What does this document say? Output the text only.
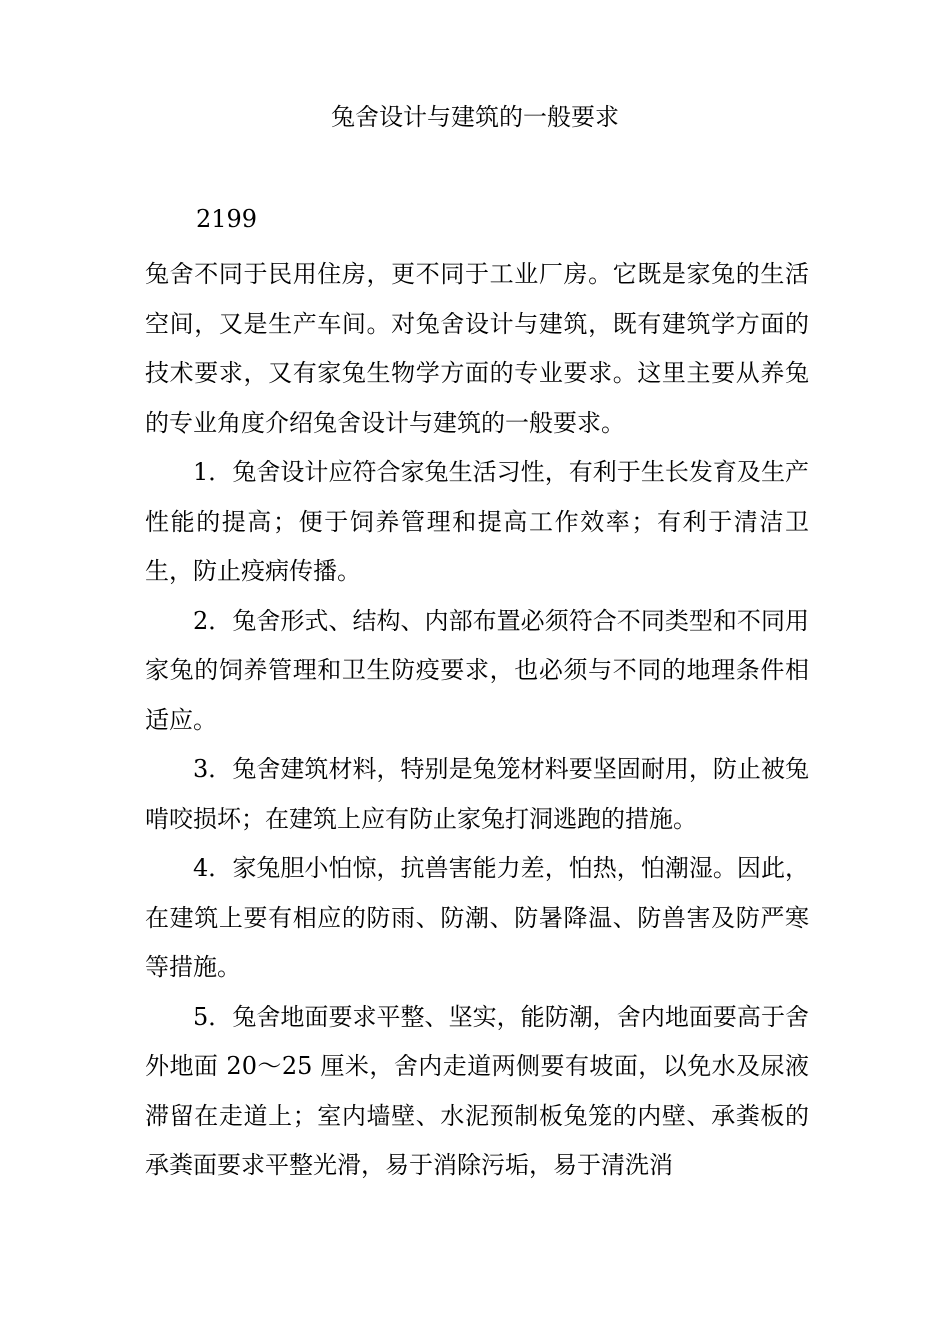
兔舍设计与建筑的一般要求

2199

兔舍不同于民用住房，更不同于工业厂房。它既是家兔的生活空间，又是生产车间。对兔舍设计与建筑，既有建筑学方面的技术要求，又有家兔生物学方面的专业要求。这里主要从养兔的专业角度介绍兔舍设计与建筑的一般要求。

1．兔舍设计应符合家兔生活习性，有利于生长发育及生产性能的提高；便于饲养管理和提高工作效率；有利于清洁卫生，防止疫病传播。

2．兔舍形式、结构、内部布置必须符合不同类型和不同用家兔的饲养管理和卫生防疫要求，也必须与不同的地理条件相适应。

3．兔舍建筑材料，特别是兔笼材料要坚固耐用，防止被兔啃咬损坏；在建筑上应有防止家兔打洞逃跑的措施。

4．家兔胆小怕惊，抗兽害能力差，怕热，怕潮湿。因此，在建筑上要有相应的防雨、防潮、防暑降温、防兽害及防严寒等措施。

5．兔舍地面要求平整、坚实，能防潮，舍内地面要高于舍外地面 20～25 厘米，舍内走道两侧要有坡面，以免水及尿液滞留在走道上；室内墙壁、水泥预制板兔笼的内壁、承粪板的承粪面要求平整光滑，易于消除污垢，易于清洗消
